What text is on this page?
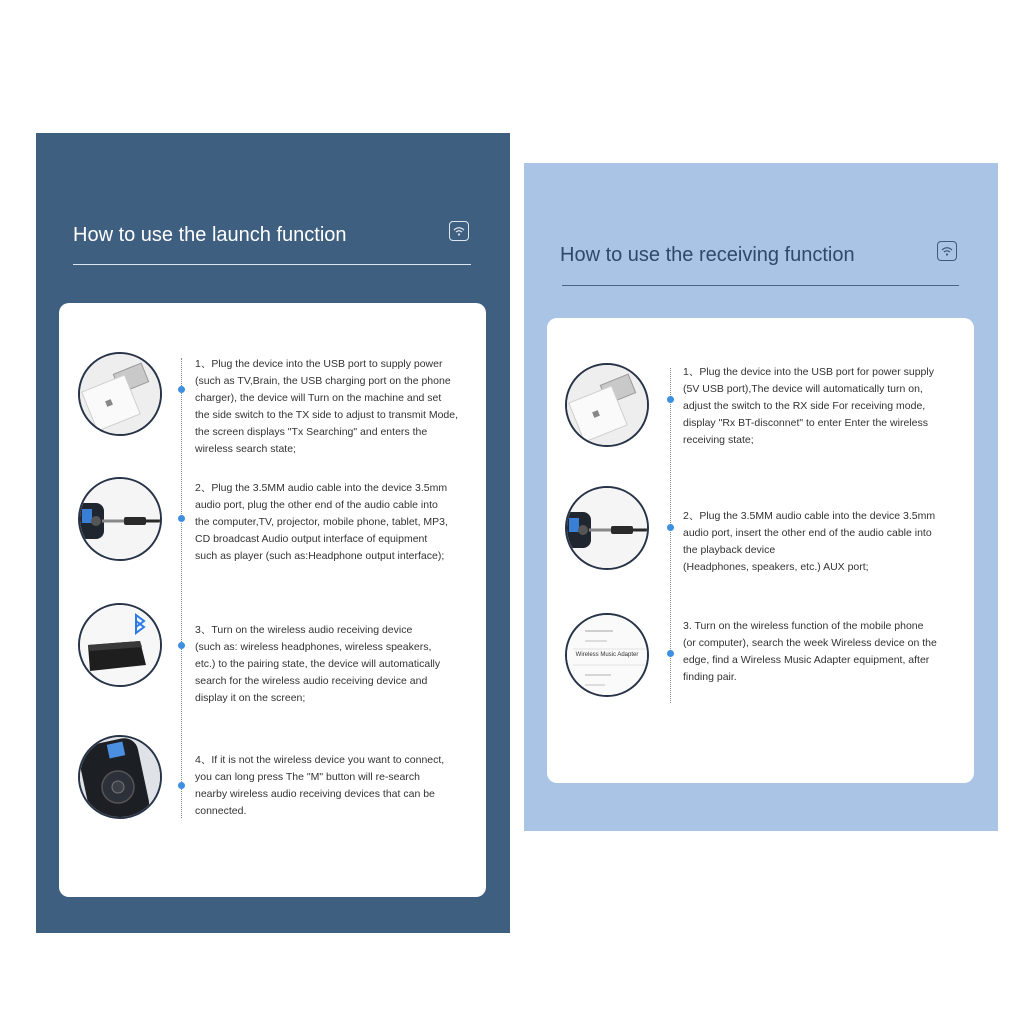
How to use the launch function
1、Plug the device into the USB port to supply power
(such as TV,Brain, the USB charging port on the phone
charger), the device will Turn on the machine and set
the side switch to the TX side to adjust to transmit Mode,
the screen displays "Tx Searching" and enters the
wireless search state;
2、Plug the 3.5MM audio cable into the device 3.5mm
audio port, plug the other end of the audio cable into
the computer,TV, projector, mobile phone, tablet, MP3,
CD broadcast Audio output interface of equipment
such as player (such as:Headphone output interface);
3、Turn on the wireless audio receiving device
(such as: wireless headphones, wireless speakers,
etc.) to the pairing state, the device will automatically
search for the wireless audio receiving device and
display it on the screen;
4、If it is not the wireless device you want to connect,
you can long press The "M" button will re-search
nearby wireless audio receiving devices that can be
connected.
How to use the receiving function
1、Plug the device into the USB port for power supply
(5V USB port),The device will automatically turn on,
adjust the switch to the RX side For receiving mode,
display "Rx BT-disconnet" to enter Enter the wireless
receiving state;
2、Plug the 3.5MM audio cable into the device 3.5mm
audio port, insert the other end of the audio cable into
the playback device
(Headphones, speakers, etc.) AUX port;
Wireless Music Adapter
3. Turn on the wireless function of the mobile phone
(or computer), search the week Wireless device on the
edge, find a Wireless Music Adapter equipment, after
finding pair.
